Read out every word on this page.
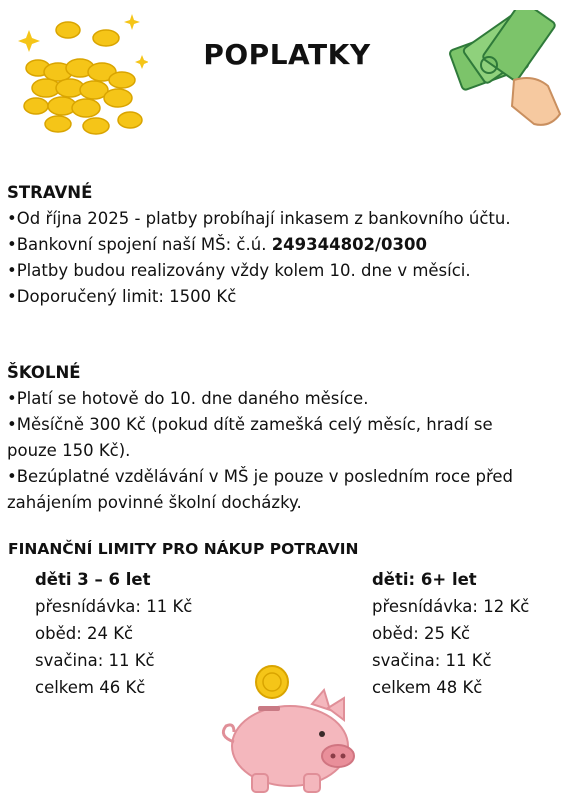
POPLATKY
STRAVNÉ
•Od října 2025 - platby probíhají inkasem z bankovního účtu.
•Bankovní spojení naší MŠ: č.ú. 249344802/0300
•Platby budou realizovány vždy kolem 10. dne v měsíci.
•Doporučený limit: 1500 Kč
ŠKOLNÉ
•Platí se hotově do 10. dne daného měsíce.
•Měsíčně 300 Kč (pokud dítě zamešká celý měsíc, hradí se
pouze 150 Kč).
•Bezúplatné vzdělávání v MŠ je pouze v posledním roce před
zahájením povinné školní docházky.
FINANČNÍ LIMITY PRO NÁKUP POTRAVIN
děti 3 – 6 let
přesnídávka: 11 Kč
oběd: 24 Kč
svačina: 11 Kč
celkem 46 Kč
děti: 6+ let
přesnídávka: 12 Kč
oběd: 25 Kč
svačina: 11 Kč
celkem 48 Kč
